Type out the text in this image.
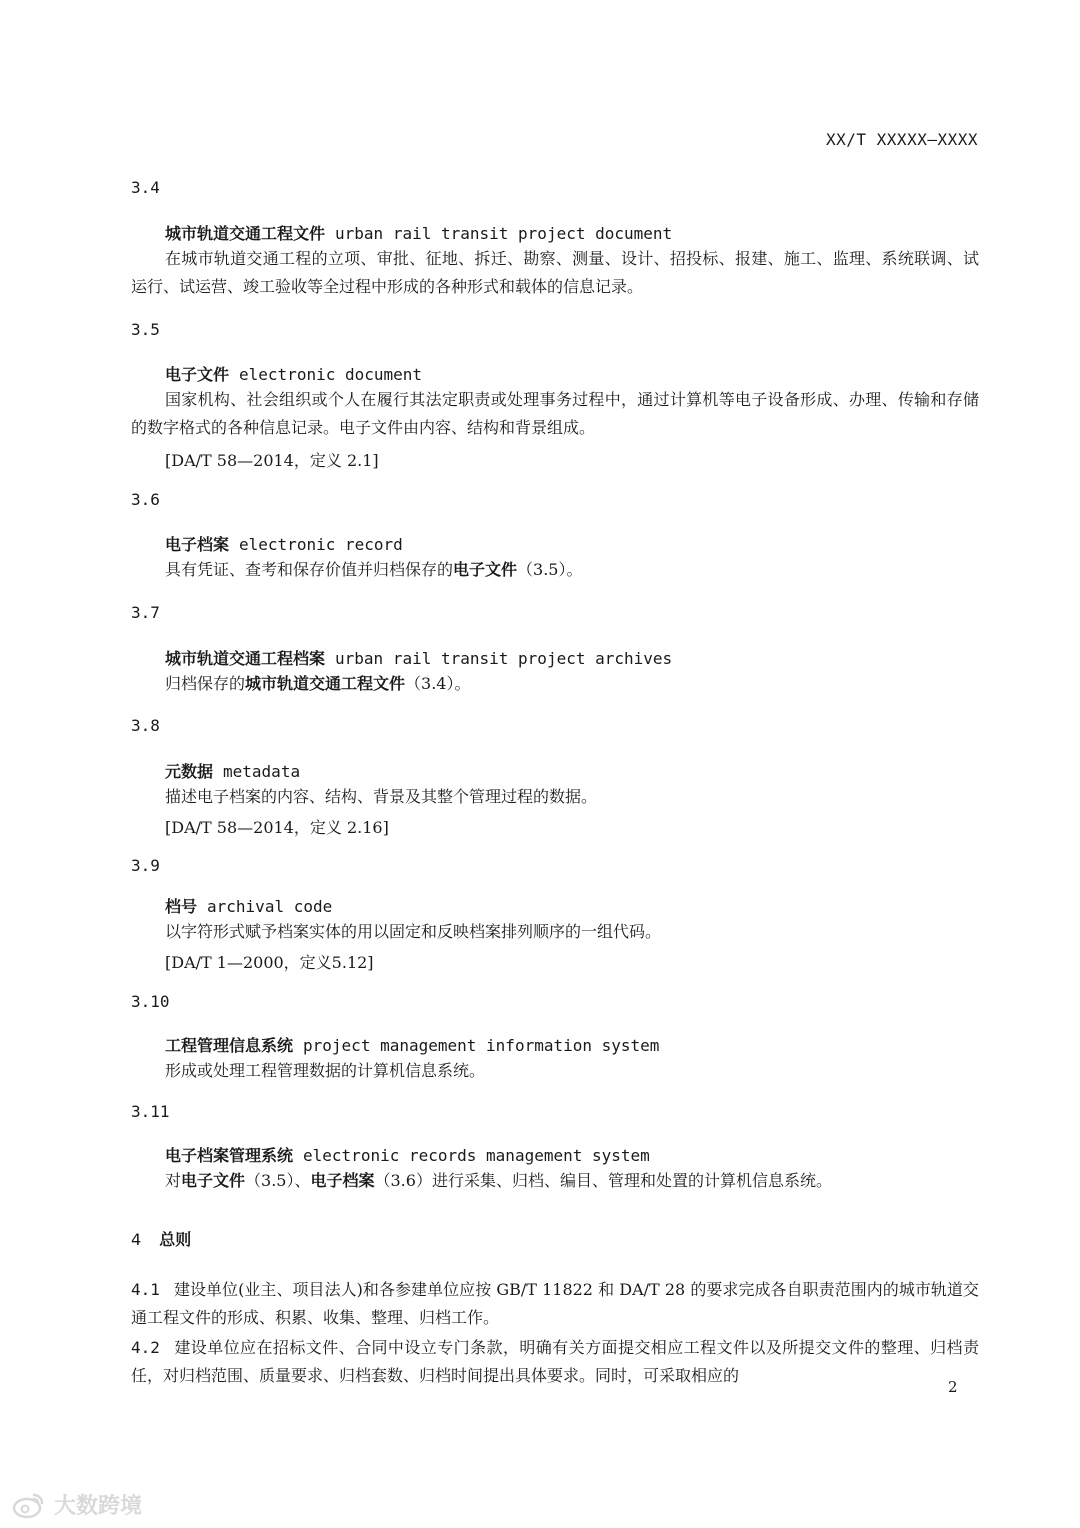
XX/T XXXXX—XXXX
3.4
城市轨道交通工程文件 urban rail transit project document
在城市轨道交通工程的立项、审批、征地、拆迁、勘察、测量、设计、招投标、报建、施工、监理、系统联调、试运行、试运营、竣工验收等全过程中形成的各种形式和载体的信息记录。
3.5
电子文件 electronic document
国家机构、社会组织或个人在履行其法定职责或处理事务过程中，通过计算机等电子设备形成、办理、传输和存储的数字格式的各种信息记录。电子文件由内容、结构和背景组成。
[DA/T 58—2014，定义 2.1]
3.6
电子档案 electronic record
具有凭证、查考和保存价值并归档保存的电子文件（3.5）。
3.7
城市轨道交通工程档案 urban rail transit project archives
归档保存的城市轨道交通工程文件（3.4）。
3.8
元数据 metadata
描述电子档案的内容、结构、背景及其整个管理过程的数据。
[DA/T 58—2014，定义 2.16]
3.9
档号 archival code
以字符形式赋予档案实体的用以固定和反映档案排列顺序的一组代码。
[DA/T 1—2000，定义5.12]
3.10
工程管理信息系统 project management information system
形成或处理工程管理数据的计算机信息系统。
3.11
电子档案管理系统 electronic records management system
对电子文件（3.5）、电子档案（3.6）进行采集、归档、编目、管理和处置的计算机信息系统。
4 总则
4.1 建设单位(业主、项目法人)和各参建单位应按 GB/T 11822 和 DA/T 28 的要求完成各自职责范围内的城市轨道交通工程文件的形成、积累、收集、整理、归档工作。
4.2 建设单位应在招标文件、合同中设立专门条款，明确有关方面提交相应工程文件以及所提交文件的整理、归档责任，对归档范围、质量要求、归档套数、归档时间提出具体要求。同时，可采取相应的
2
大数跨境
